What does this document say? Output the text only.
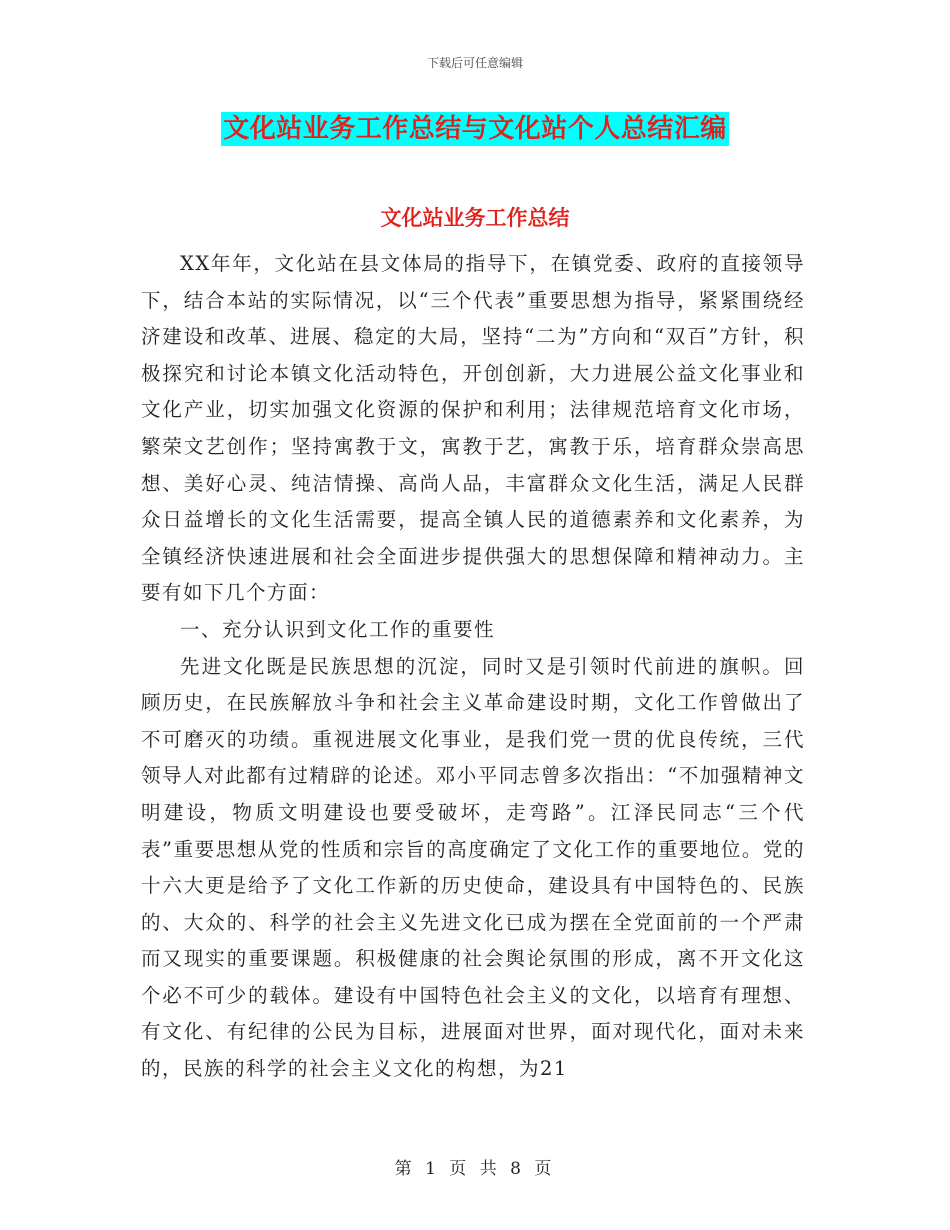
下载后可任意编辑
文化站业务工作总结与文化站个人总结汇编
文化站业务工作总结

XX年年，文化站在县文体局的指导下，在镇党委、政府的直接领导下，结合本站的实际情况，以“三个代表”重要思想为指导，紧紧围绕经济建设和改革、进展、稳定的大局，坚持“二为”方向和“双百”方针，积极探究和讨论本镇文化活动特色，开创创新，大力进展公益文化事业和文化产业，切实加强文化资源的保护和利用；法律规范培育文化市场，繁荣文艺创作；坚持寓教于文，寓教于艺，寓教于乐，培育群众崇高思想、美好心灵、纯洁情操、高尚人品，丰富群众文化生活，满足人民群众日益增长的文化生活需要，提高全镇人民的道德素养和文化素养，为全镇经济快速进展和社会全面进步提供强大的思想保障和精神动力。主要有如下几个方面：

一、充分认识到文化工作的重要性

先进文化既是民族思想的沉淀，同时又是引领时代前进的旗帜。回顾历史，在民族解放斗争和社会主义革命建设时期，文化工作曾做出了不可磨灭的功绩。重视进展文化事业，是我们党一贯的优良传统，三代领导人对此都有过精辟的论述。邓小平同志曾多次指出：“不加强精神文明建设，物质文明建设也要受破坏，走弯路”。江泽民同志“三个代表”重要思想从党的性质和宗旨的高度确定了文化工作的重要地位。党的十六大更是给予了文化工作新的历史使命，建设具有中国特色的、民族的、大众的、科学的社会主义先进文化已成为摆在全党面前的一个严肃而又现实的重要课题。积极健康的社会舆论氛围的形成，离不开文化这个必不可少的载体。建设有中国特色社会主义的文化，以培育有理想、有文化、有纪律的公民为目标，进展面对世界，面对现代化，面对未来的，民族的科学的社会主义文化的构想，为21

第 1 页 共 8 页
